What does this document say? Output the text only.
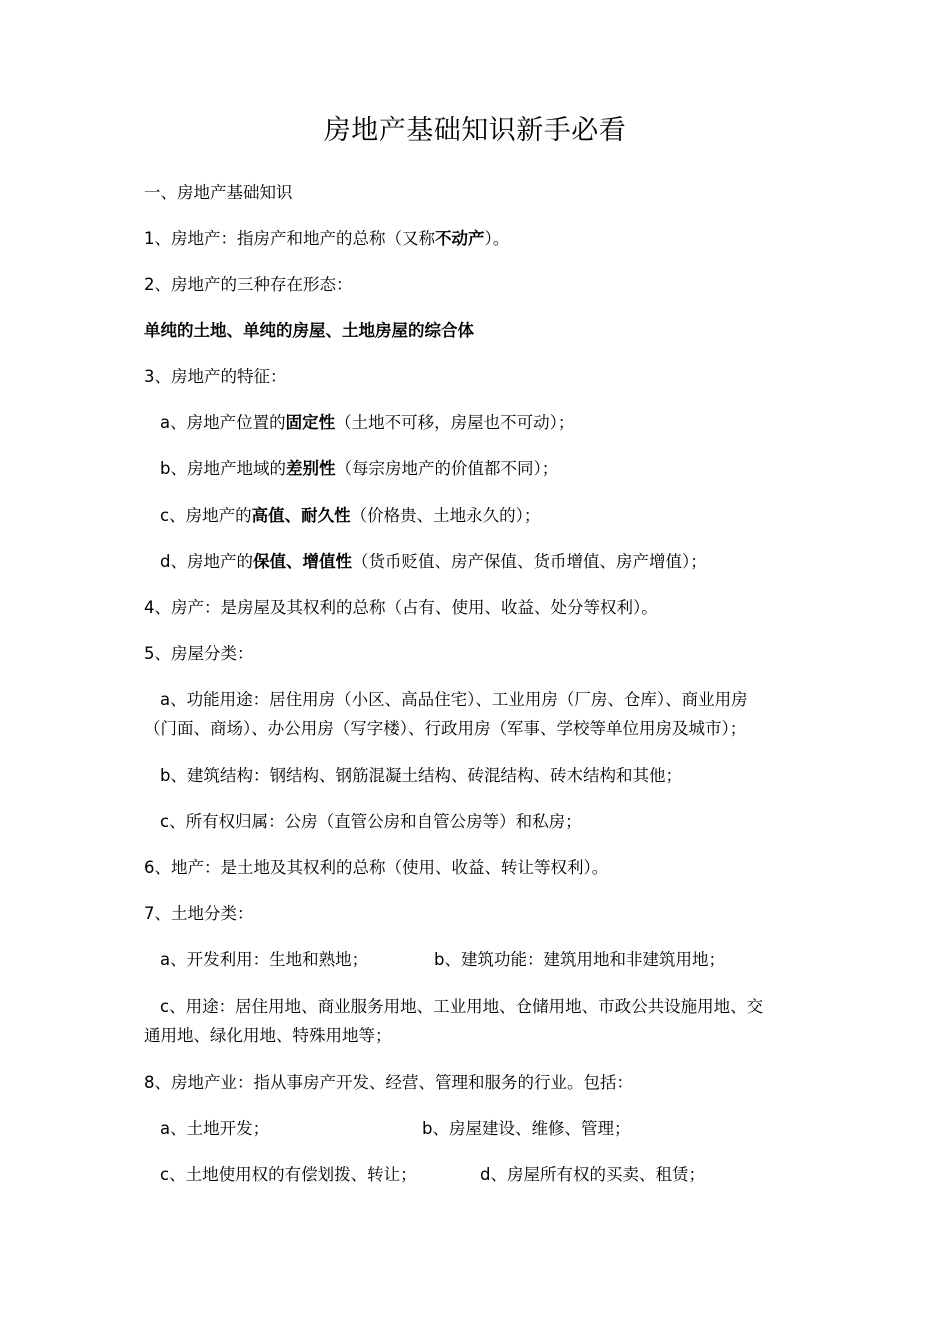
房地产基础知识新手必看
一、房地产基础知识
1、房地产：指房产和地产的总称（又称不动产）。
2、房地产的三种存在形态：
单纯的土地、单纯的房屋、土地房屋的综合体
3、房地产的特征：
a、房地产位置的固定性（土地不可移，房屋也不可动）；
b、房地产地域的差别性（每宗房地产的价值都不同）；
c、房地产的高值、耐久性（价格贵、土地永久的）；
d、房地产的保值、增值性（货币贬值、房产保值、货币增值、房产增值）；
4、房产：是房屋及其权利的总称（占有、使用、收益、处分等权利）。
5、房屋分类：
a、功能用途：居住用房（小区、高品住宅）、工业用房（厂房、仓库）、商业用房
（门面、商场）、办公用房（写字楼）、行政用房（军事、学校等单位用房及城市）；
b、建筑结构：钢结构、钢筋混凝土结构、砖混结构、砖木结构和其他；
c、所有权归属：公房（直管公房和自管公房等）和私房；
6、地产：是土地及其权利的总称（使用、收益、转让等权利）。
7、土地分类：
a、开发利用：生地和熟地；	b、建筑功能：建筑用地和非建筑用地；
c、用途：居住用地、商业服务用地、工业用地、仓储用地、市政公共设施用地、交
通用地、绿化用地、特殊用地等；
8、房地产业：指从事房产开发、经营、管理和服务的行业。包括：
a、土地开发；	b、房屋建设、维修、管理；
c、土地使用权的有偿划拨、转让；	d、房屋所有权的买卖、租赁；
